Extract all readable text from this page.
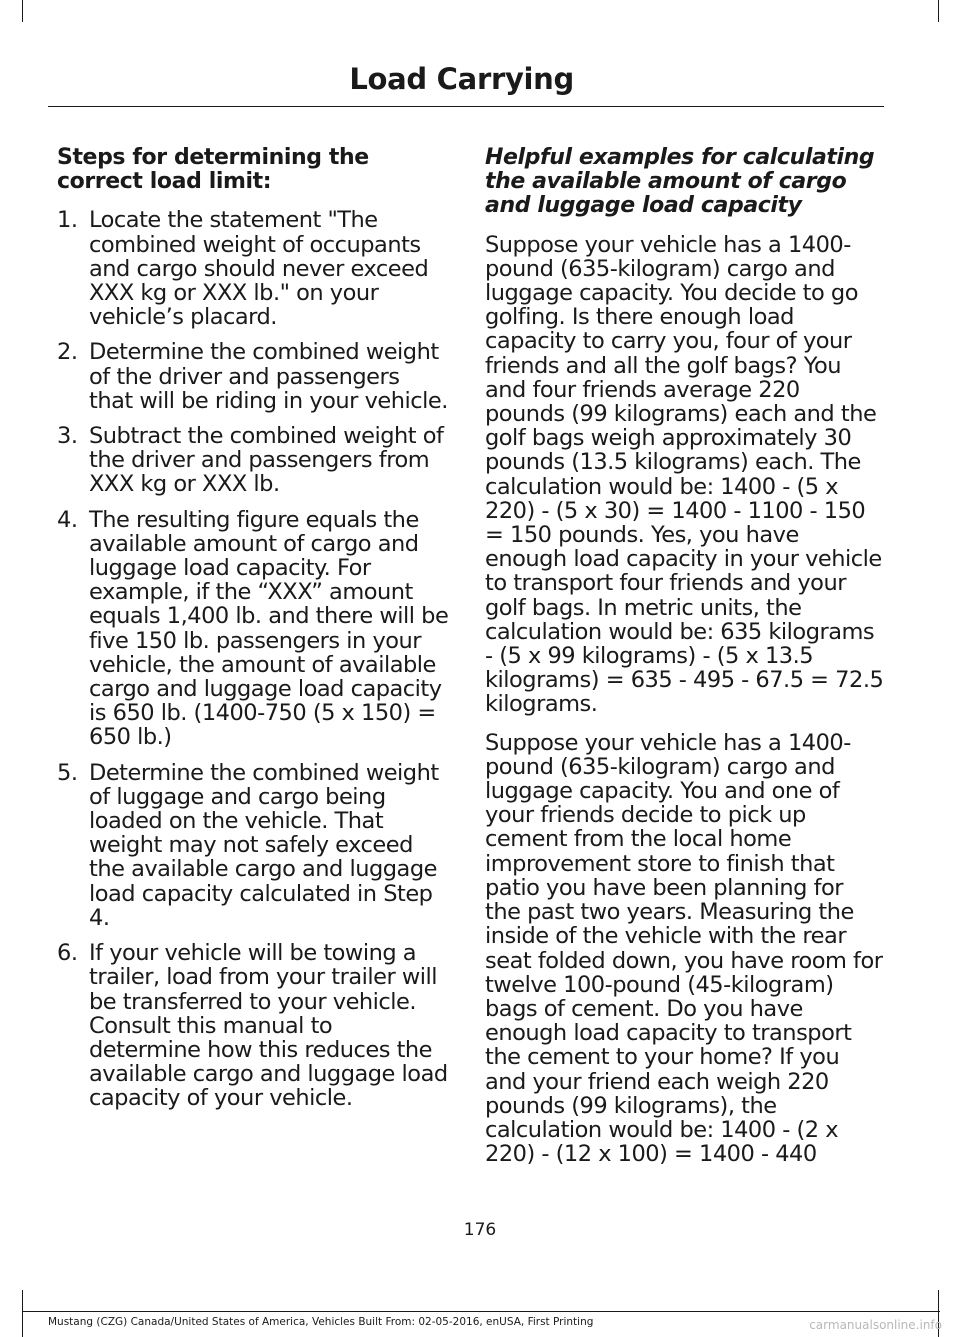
Load Carrying
Steps for determining the correct load limit:
1. Locate the statement "The combined weight of occupants and cargo should never exceed XXX kg or XXX lb." on your vehicle’s placard.
2. Determine the combined weight of the driver and passengers that will be riding in your vehicle.
3. Subtract the combined weight of the driver and passengers from XXX kg or XXX lb.
4. The resulting figure equals the available amount of cargo and luggage load capacity. For example, if the “XXX” amount equals 1,400 lb. and there will be five 150 lb. passengers in your vehicle, the amount of available cargo and luggage load capacity is 650 lb. (1400-750 (5 x 150) = 650 lb.)
5. Determine the combined weight of luggage and cargo being loaded on the vehicle. That weight may not safely exceed the available cargo and luggage load capacity calculated in Step 4.
6. If your vehicle will be towing a trailer, load from your trailer will be transferred to your vehicle. Consult this manual to determine how this reduces the available cargo and luggage load capacity of your vehicle.
Helpful examples for calculating the available amount of cargo and luggage load capacity

Suppose your vehicle has a 1400-pound (635-kilogram) cargo and luggage capacity. You decide to go golfing. Is there enough load capacity to carry you, four of your friends and all the golf bags? You and four friends average 220 pounds (99 kilograms) each and the golf bags weigh approximately 30 pounds (13.5 kilograms) each. The calculation would be: 1400 - (5 x 220) - (5 x 30) = 1400 - 1100 - 150 = 150 pounds. Yes, you have enough load capacity in your vehicle to transport four friends and your golf bags. In metric units, the calculation would be: 635 kilograms - (5 x 99 kilograms) - (5 x 13.5 kilograms) = 635 - 495 - 67.5 = 72.5 kilograms.

Suppose your vehicle has a 1400-pound (635-kilogram) cargo and luggage capacity. You and one of your friends decide to pick up cement from the local home improvement store to finish that patio you have been planning for the past two years. Measuring the inside of the vehicle with the rear seat folded down, you have room for twelve 100-pound (45-kilogram) bags of cement. Do you have enough load capacity to transport the cement to your home? If you and your friend each weigh 220 pounds (99 kilograms), the calculation would be: 1400 - (2 x 220) - (12 x 100) = 1400 - 440

176
Mustang (CZG) Canada/United States of America, Vehicles Built From: 02-05-2016, enUSA, First Printing	carmanualsonline.info
